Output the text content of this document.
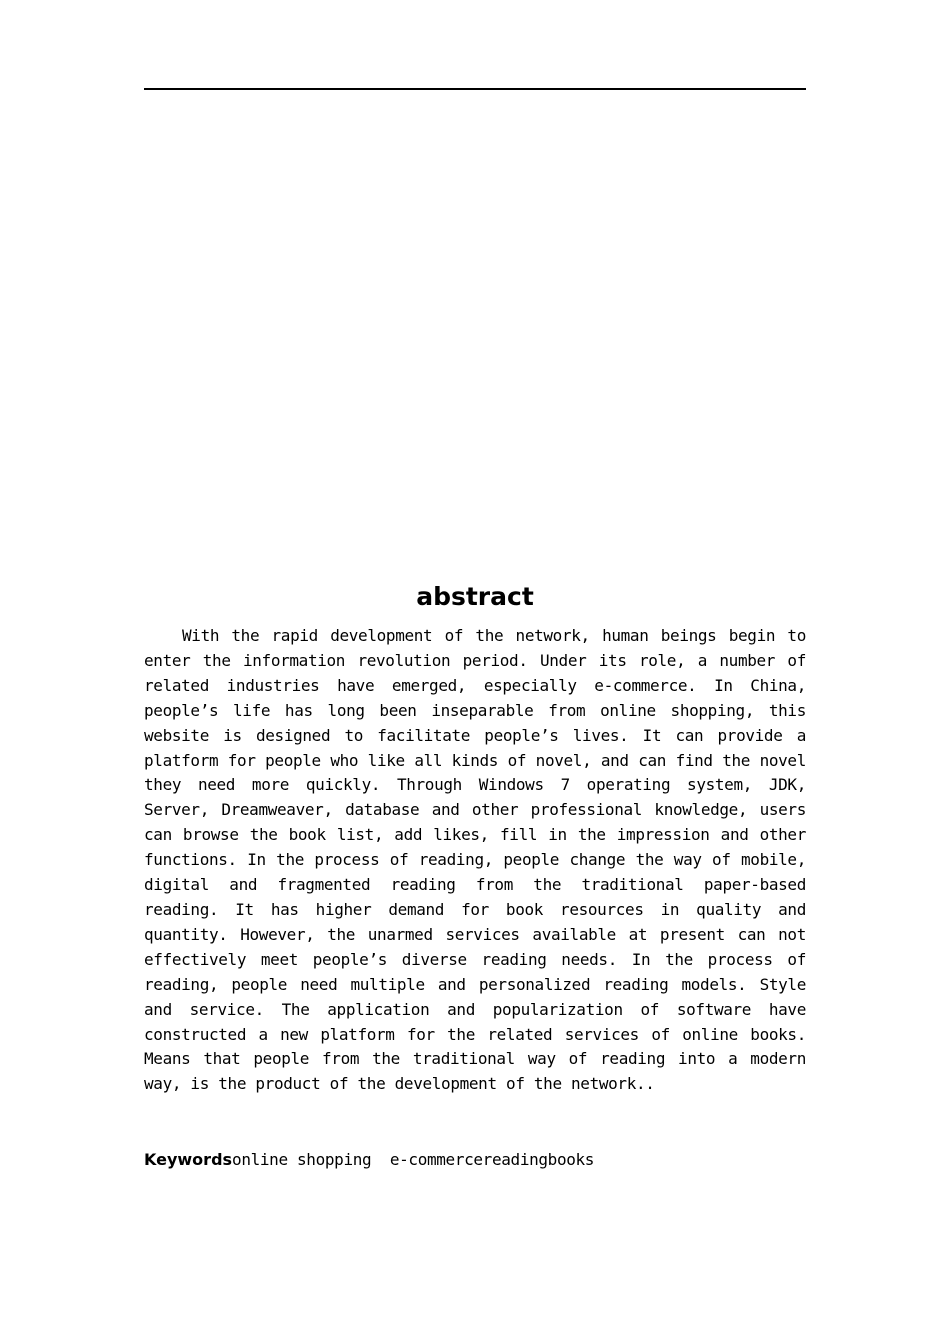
abstract

With the rapid development of the network, human beings begin to enter the information revolution period. Under its role, a number of related industries have emerged, especially e-commerce. In China, people’s life has long been inseparable from online shopping, this website is designed to facilitate people’s lives. It can provide a platform for people who like all kinds of novel, and can find the novel they need more quickly. Through Windows 7 operating system, JDK, Server, Dreamweaver, database and other professional knowledge, users can browse the book list, add likes, fill in the impression and other functions. In the process of reading, people change the way of mobile, digital and fragmented reading from the traditional paper-based reading. It has higher demand for book resources in quality and quantity. However, the unarmed services available at present can not effectively meet people’s diverse reading needs. In the process of reading, people need multiple and personalized reading models. Style and service. The application and popularization of software have constructed a new platform for the related services of online books. Means that people from the traditional way of reading into a modern way, is the product of the development of the network..

Keywordsonline shopping  e-commercereadingbooks
